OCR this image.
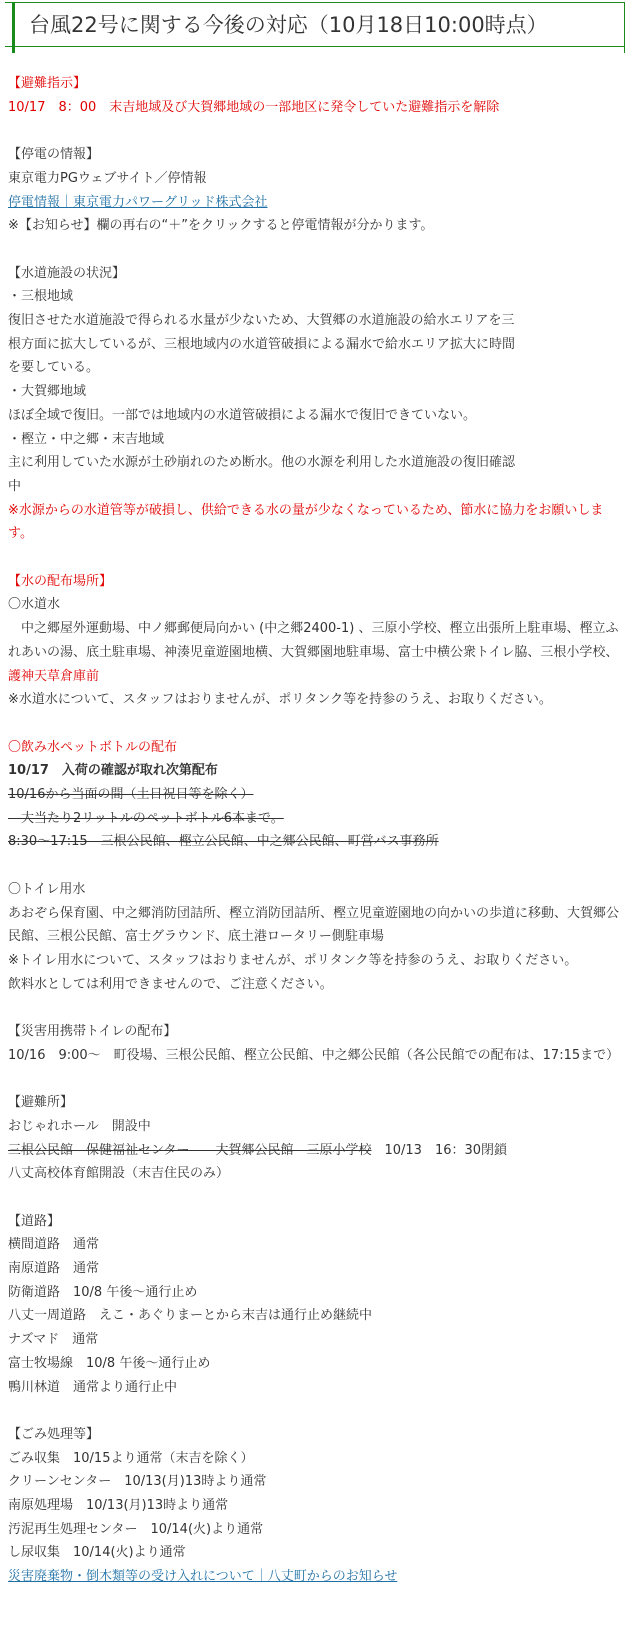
台風22号に関する今後の対応（10月18日10:00時点）
【避難指示】
10/17　8：00　末吉地域及び大賀郷地域の一部地区に発令していた避難指示を解除
【停電の情報】
東京電力PGウェブサイト／停情報
停電情報｜東京電力パワーグリッド株式会社
※【お知らせ】欄の再右の“＋”をクリックすると停電情報が分かります。
【水道施設の状況】
・三根地域
復旧させた水道施設で得られる水量が少ないため、大賀郷の水道施設の給水エリアを三
根方面に拡大しているが、三根地域内の水道管破損による漏水で給水エリア拡大に時間
を要している。
・大賀郷地域
ほぼ全域で復旧。一部では地域内の水道管破損による漏水で復旧できていない。
・樫立・中之郷・末吉地域
主に利用していた水源が土砂崩れのため断水。他の水源を利用した水道施設の復旧確認
中
※水源からの水道管等が破損し、供給できる水の量が少なくなっているため、節水に協力をお願いします。
【水の配布場所】
〇水道水
　中之郷屋外運動場、中ノ郷郵便局向かい (中之郷2400-1) 、三原小学校、樫立出張所上駐車場、樫立ふれあいの湯、底土駐車場、神湊児童遊園地横、大賀郷園地駐車場、富士中横公衆トイレ脇、三根小学校、護神天草倉庫前
※水道水について、スタッフはおりませんが、ポリタンク等を持参のうえ、お取りください。
〇飲み水ペットボトルの配布
10/17　入荷の確認が取れ次第配布
10/16から当面の間（土日祝日等を除く）
　大当たり2リットルのペットボトル6本まで。
8:30〜17:15　三根公民館、樫立公民館、中之郷公民館、町営バス事務所
〇トイレ用水
あおぞら保育園、中之郷消防団詰所、樫立消防団詰所、樫立児童遊園地の向かいの歩道に移動、大賀郷公民館、三根公民館、富士グラウンド、底土港ロータリー側駐車場
※トイレ用水について、スタッフはおりませんが、ポリタンク等を持参のうえ、お取りください。
飲料水としては利用できませんので、ご注意ください。
【災害用携帯トイレの配布】
10/16　9:00〜　町役場、三根公民館、樫立公民館、中之郷公民館（各公民館での配布は、17:15まで）
【避難所】
おじゃれホール　開設中
三根公民館　保健福祉センター　　大賀郷公民館　三原小学校　10/13　16：30閉鎖
八丈高校体育館開設（末吉住民のみ）
【道路】
横間道路　通常
南原道路　通常
防衛道路　10/8 午後〜通行止め
八丈一周道路　えこ・あぐりまーとから末吉は通行止め継続中
ナズマド　通常
富士牧場線　10/8 午後〜通行止め
鴨川林道　通常より通行止中
【ごみ処理等】
ごみ収集　10/15より通常（末吉を除く）
クリーンセンター　10/13(月)13時より通常
南原処理場　10/13(月)13時より通常
汚泥再生処理センター　10/14(火)より通常
し尿収集　10/14(火)より通常
災害廃棄物・倒木類等の受け入れについて｜八丈町からのお知らせ
